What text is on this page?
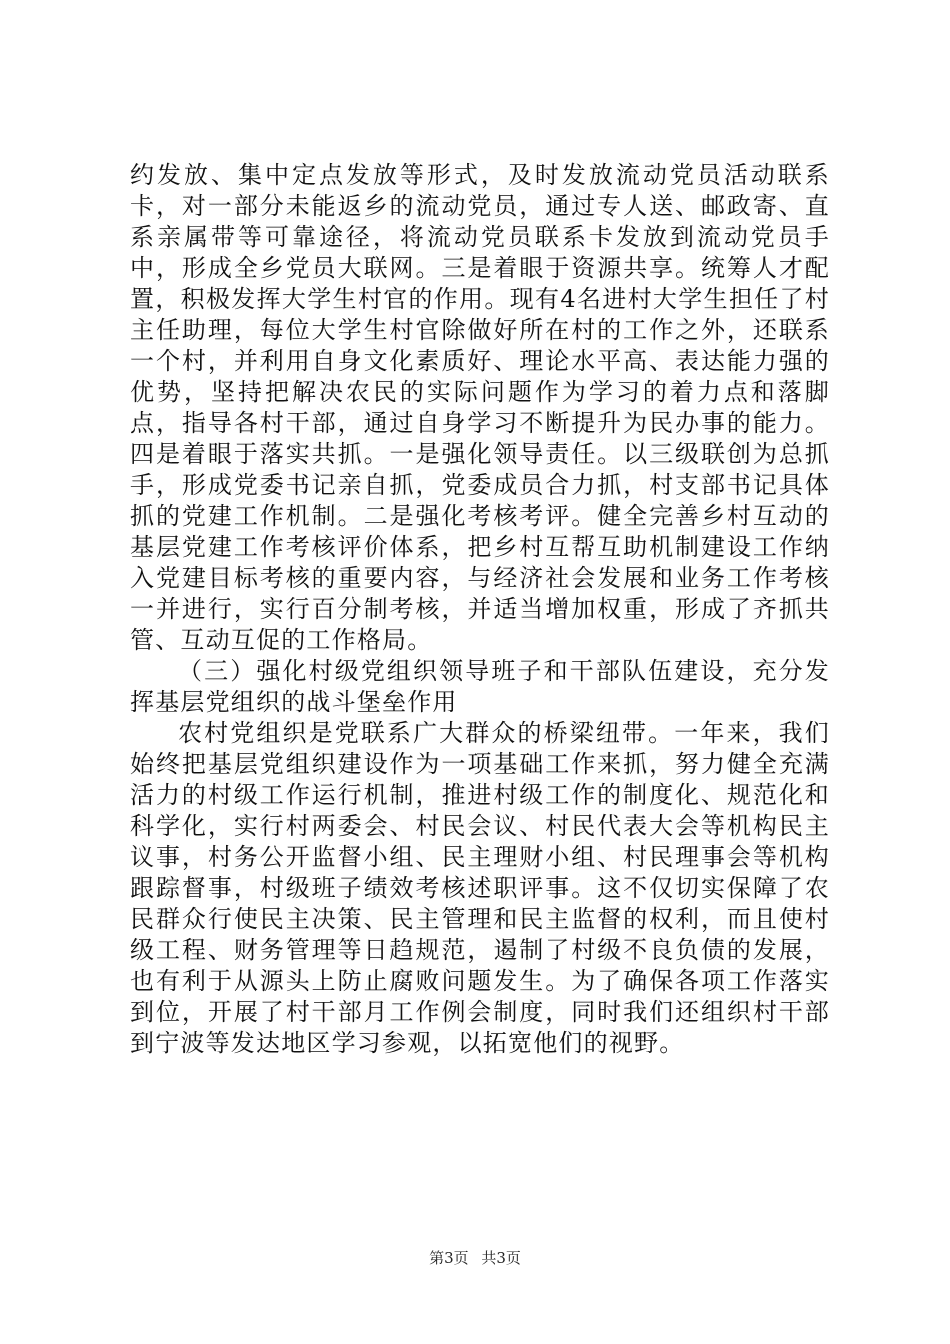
约发放、集中定点发放等形式，及时发放流动党员活动联系卡，对一部分未能返乡的流动党员，通过专人送、邮政寄、直系亲属带等可靠途径，将流动党员联系卡发放到流动党员手中，形成全乡党员大联网。三是着眼于资源共享。统筹人才配置，积极发挥大学生村官的作用。现有4名进村大学生担任了村主任助理，每位大学生村官除做好所在村的工作之外，还联系一个村，并利用自身文化素质好、理论水平高、表达能力强的优势，坚持把解决农民的实际问题作为学习的着力点和落脚点，指导各村干部，通过自身学习不断提升为民办事的能力。四是着眼于落实共抓。一是强化领导责任。以三级联创为总抓手，形成党委书记亲自抓，党委成员合力抓，村支部书记具体抓的党建工作机制。二是强化考核考评。健全完善乡村互动的基层党建工作考核评价体系，把乡村互帮互助机制建设工作纳入党建目标考核的重要内容，与经济社会发展和业务工作考核一并进行，实行百分制考核，并适当增加权重，形成了齐抓共管、互动互促的工作格局。

（三）强化村级党组织领导班子和干部队伍建设，充分发挥基层党组织的战斗堡垒作用

农村党组织是党联系广大群众的桥梁纽带。一年来，我们始终把基层党组织建设作为一项基础工作来抓，努力健全充满活力的村级工作运行机制，推进村级工作的制度化、规范化和科学化，实行村两委会、村民会议、村民代表大会等机构民主议事，村务公开监督小组、民主理财小组、村民理事会等机构跟踪督事，村级班子绩效考核述职评事。这不仅切实保障了农民群众行使民主决策、民主管理和民主监督的权利，而且使村级工程、财务管理等日趋规范，遏制了村级不良负债的发展，也有利于从源头上防止腐败问题发生。为了确保各项工作落实到位，开展了村干部月工作例会制度，同时我们还组织村干部到宁波等发达地区学习参观，以拓宽他们的视野。

第3页 共3页
